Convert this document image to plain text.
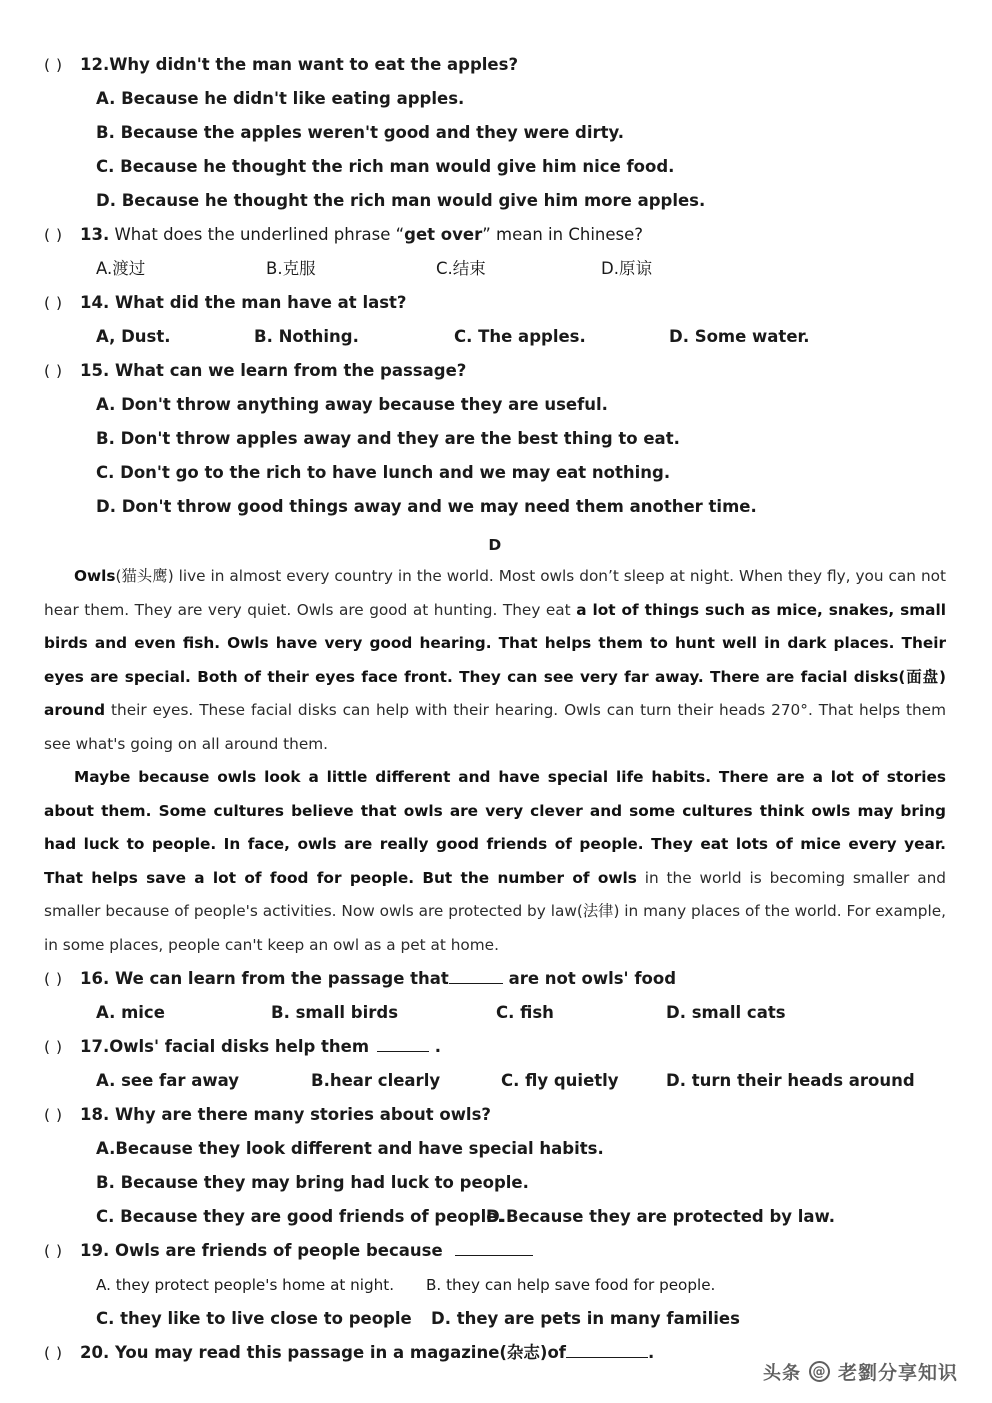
( )	12.Why didn't the man want to eat the apples?
A. Because he didn't like eating apples.
B. Because the apples weren't good and they were dirty.
C. Because he thought the rich man would give him nice food.
D. Because he thought the rich man would give him more apples.
( )	13. What does the underlined phrase “get over” mean in Chinese?
A.渡过	B.克服	C.结束	D.原谅
( )	14. What did the man have at last?
A, Dust.	B. Nothing.	C. The apples.	D. Some water.
( )	15. What can we learn from the passage?
A. Don't throw anything away because they are useful.
B. Don't throw apples away and they are the best thing to eat.
C. Don't go to the rich to have lunch and we may eat nothing.
D. Don't throw good things away and we may need them another time.
D

Owls(猫头鹰) live in almost every country in the world. Most owls don’t sleep at night. When they fly, you can not hear them. They are very quiet. Owls are good at hunting. They eat a lot of things such as mice, snakes, small birds and even fish. Owls have very good hearing. That helps them to hunt well in dark places. Their eyes are special. Both of their eyes face front. They can see very far away. There are facial disks(面盘) around their eyes. These facial disks can help with their hearing. Owls can turn their heads 270°. That helps them see what's going on all around them.

Maybe because owls look a little different and have special life habits. There are a lot of stories about them. Some cultures believe that owls are very clever and some cultures think owls may bring had luck to people. In face, owls are really good friends of people. They eat lots of mice every year. That helps save a lot of food for people. But the number of owls in the world is becoming smaller and smaller because of people's activities. Now owls are protected by law(法律) in many places of the world. For example, in some places, people can't keep an owl as a pet at home.

( )	16. We can learn from the passage that	are not owls' food
A. mice	B. small birds	C. fish	D. small cats
( )	17.Owls' facial disks help them	.
A. see far away	B.hear clearly	C. fly quietly	D. turn their heads around
( )	18. Why are there many stories about owls?
A.Because they look different and have special habits.
B. Because they may bring had luck to people.
C. Because they are good friends of people.
D.Because they are protected by law.
( )	19. Owls are friends of people because
A. they protect people's home at night.	B. they can help save food for people.
C. they like to live close to people	D. they are pets in many families
( )	20. You may read this passage in a magazine(杂志)of	.
头条 @ 老劉分享知识
